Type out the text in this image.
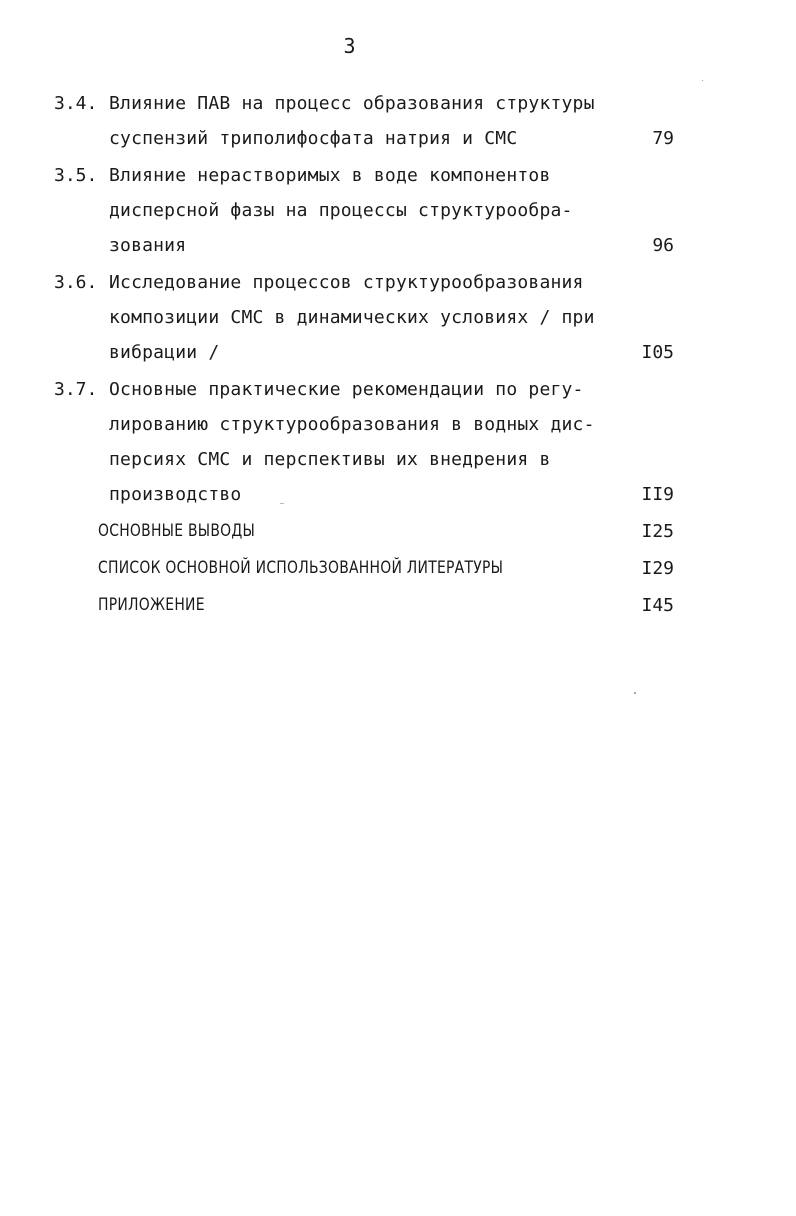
3
3.4. Влияние ПАВ на процесс образования структуры
суспензий триполифосфата натрия и СМС	79
3.5. Влияние нерастворимых в воде компонентов
дисперсной фазы на процессы структурообра-
зования	96
3.6. Исследование процессов структурообразования
композиции СМС в динамических условиях / при
вибрации /	I05
3.7. Основные практические рекомендации по регу-
лированию структурообразования в водных дис-
персиях СМС и перспективы их внедрения в
производство	II9
ОСНОВНЫЕ ВЫВОДЫ	I25
СПИСОК ОСНОВНОЙ ИСПОЛЬЗОВАННОЙ ЛИТЕРАТУРЫ	I29
ПРИЛОЖЕНИЕ	I45
